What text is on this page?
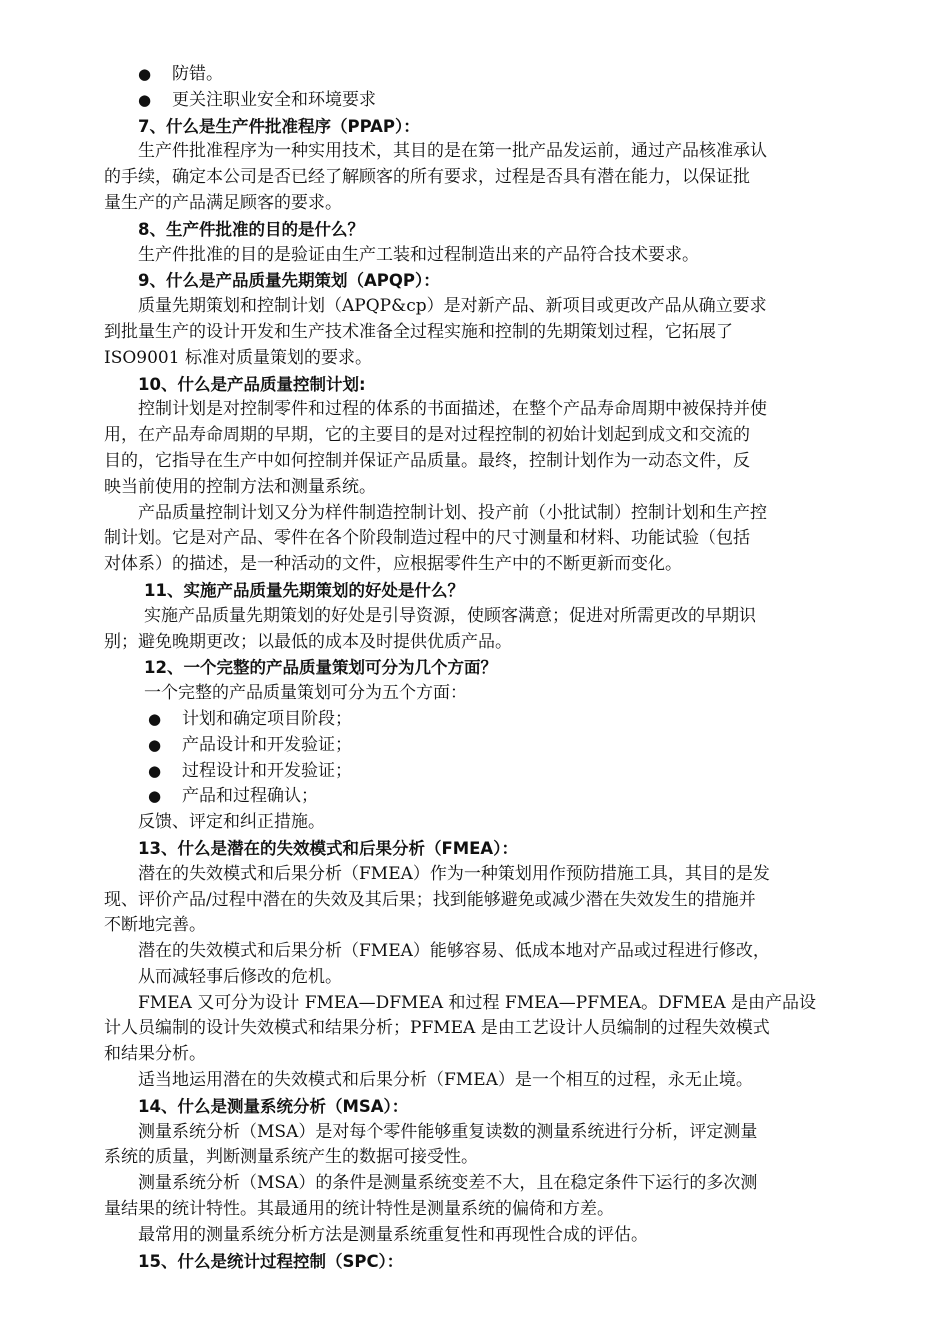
● 防错。
● 更关注职业安全和环境要求
7、什么是生产件批准程序（PPAP）：
生产件批准程序为一种实用技术，其目的是在第一批产品发运前，通过产品核准承认
的手续，确定本公司是否已经了解顾客的所有要求，过程是否具有潜在能力，以保证批
量生产的产品满足顾客的要求。
8、生产件批准的目的是什么？
生产件批准的目的是验证由生产工装和过程制造出来的产品符合技术要求。
9、什么是产品质量先期策划（APQP）：
质量先期策划和控制计划（APQP&cp）是对新产品、新项目或更改产品从确立要求
到批量生产的设计开发和生产技术准备全过程实施和控制的先期策划过程，它拓展了
ISO9001 标准对质量策划的要求。
10、什么是产品质量控制计划:
控制计划是对控制零件和过程的体系的书面描述，在整个产品寿命周期中被保持并使
用，在产品寿命周期的早期，它的主要目的是对过程控制的初始计划起到成文和交流的
目的，它指导在生产中如何控制并保证产品质量。最终，控制计划作为一动态文件，反
映当前使用的控制方法和测量系统。
产品质量控制计划又分为样件制造控制计划、投产前（小批试制）控制计划和生产控
制计划。它是对产品、零件在各个阶段制造过程中的尺寸测量和材料、功能试验（包括
对体系）的描述，是一种活动的文件，应根据零件生产中的不断更新而变化。
11、实施产品质量先期策划的好处是什么？
实施产品质量先期策划的好处是引导资源，使顾客满意；促进对所需更改的早期识
别；避免晚期更改；以最低的成本及时提供优质产品。
12、一个完整的产品质量策划可分为几个方面？
一个完整的产品质量策划可分为五个方面：
● 计划和确定项目阶段；
● 产品设计和开发验证；
● 过程设计和开发验证；
● 产品和过程确认；
反馈、评定和纠正措施。
13、什么是潜在的失效模式和后果分析（FMEA）：
潜在的失效模式和后果分析（FMEA）作为一种策划用作预防措施工具，其目的是发
现、评价产品/过程中潜在的失效及其后果；找到能够避免或减少潜在失效发生的措施并
不断地完善。
潜在的失效模式和后果分析（FMEA）能够容易、低成本地对产品或过程进行修改，
从而减轻事后修改的危机。
FMEA 又可分为设计 FMEA—DFMEA 和过程 FMEA—PFMEA。DFMEA 是由产品设
计人员编制的设计失效模式和结果分析；PFMEA 是由工艺设计人员编制的过程失效模式
和结果分析。
适当地运用潜在的失效模式和后果分析（FMEA）是一个相互的过程，永无止境。
14、什么是测量系统分析（MSA）：
测量系统分析（MSA）是对每个零件能够重复读数的测量系统进行分析，评定测量
系统的质量，判断测量系统产生的数据可接受性。
测量系统分析（MSA）的条件是测量系统变差不大，且在稳定条件下运行的多次测
量结果的统计特性。其最通用的统计特性是测量系统的偏倚和方差。
最常用的测量系统分析方法是测量系统重复性和再现性合成的评估。
15、什么是统计过程控制（SPC）：
